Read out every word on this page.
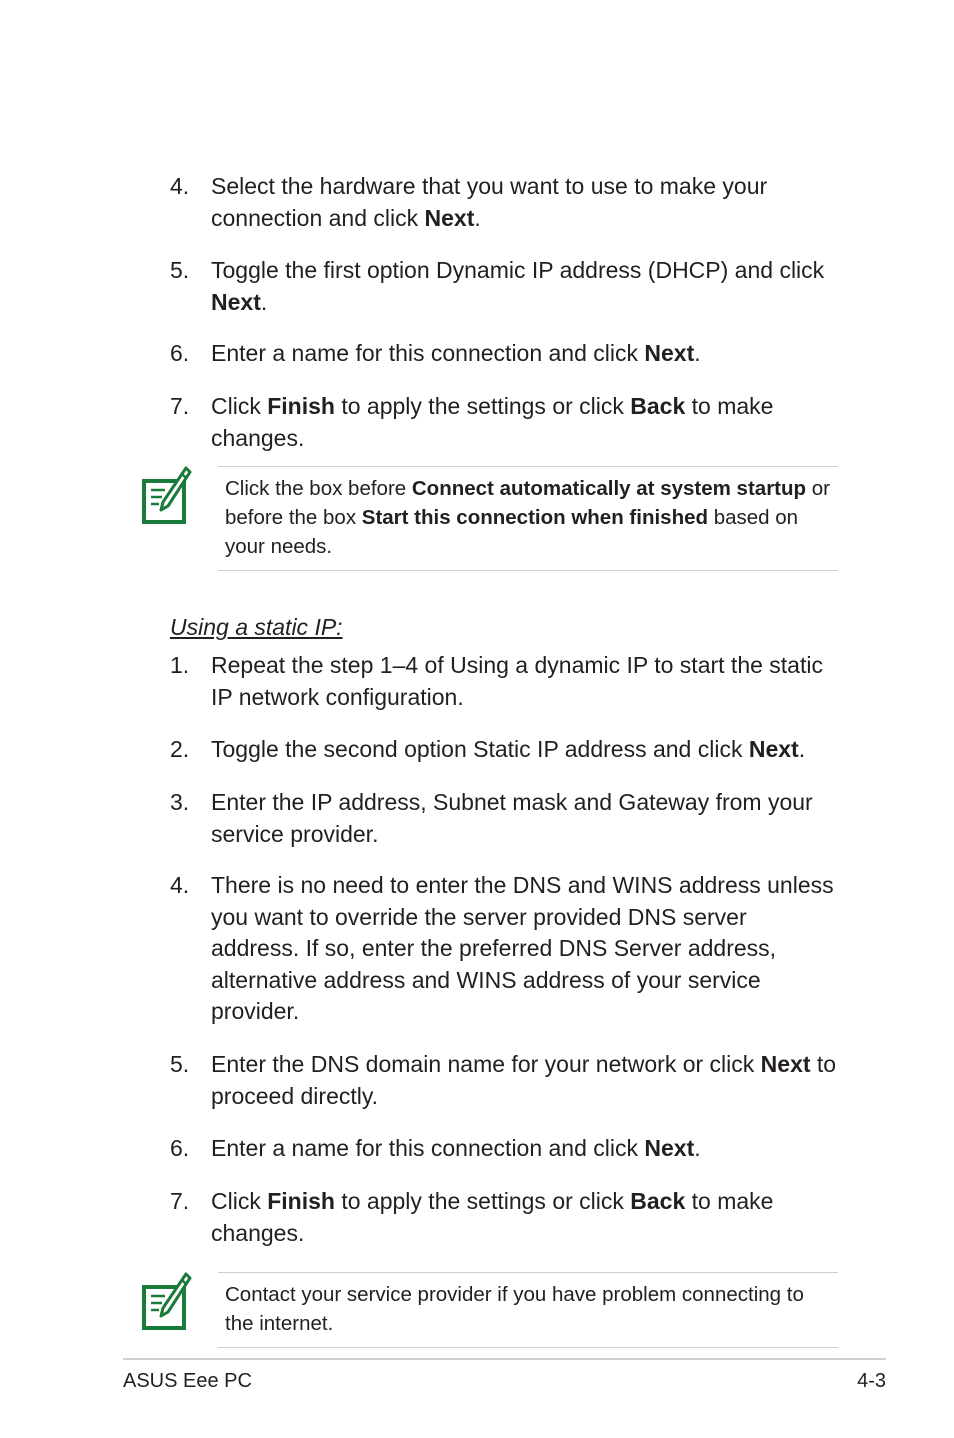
4. Select the hardware that you want to use to make your connection and click Next.
5. Toggle the first option Dynamic IP address (DHCP) and click Next.
6. Enter a name for this connection and click Next.
7. Click Finish to apply the settings or click Back to make changes.
Click the box before Connect automatically at system startup or before the box Start this connection when finished based on your needs.
Using a static IP:
1. Repeat the step 1–4 of Using a dynamic IP to start the static IP network configuration.
2. Toggle the second option Static IP address and click Next.
3. Enter the IP address, Subnet mask and Gateway from your service provider.
4. There is no need to enter the DNS and WINS address unless you want to override the server provided DNS server address. If so, enter the preferred DNS Server address, alternative address and WINS address of your service provider.
5. Enter the DNS domain name for your network or click Next to proceed directly.
6. Enter a name for this connection and click Next.
7. Click Finish to apply the settings or click Back to make changes.
Contact your service provider if you have problem connecting to the internet.
ASUS Eee PC	4-3
